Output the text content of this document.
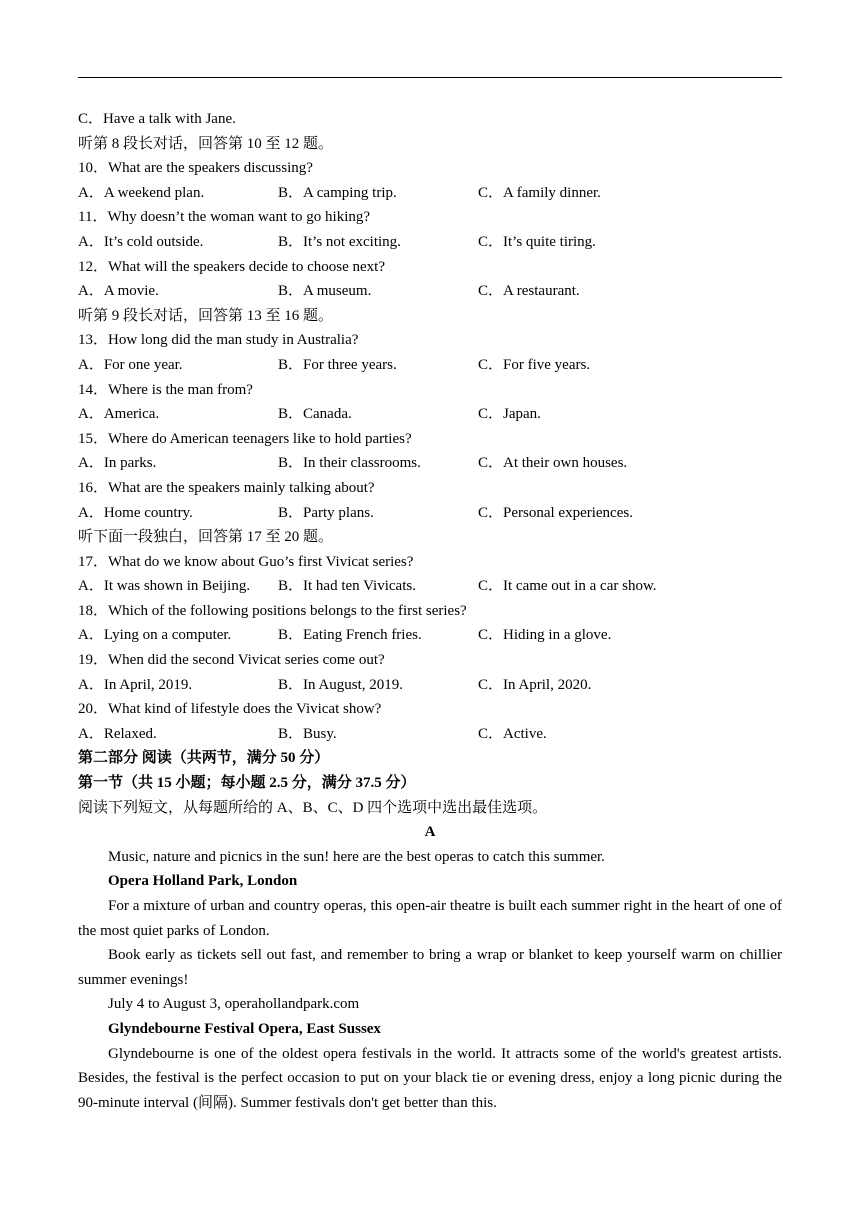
C．Have a talk with Jane.
听第 8 段长对话，回答第 10 至 12 题。
10．What are the speakers discussing?
A．A weekend plan.	B．A camping trip.	C．A family dinner.
11．Why doesn’t the woman want to go hiking?
A．It’s cold outside.	B．It’s not exciting.	C．It’s quite tiring.
12．What will the speakers decide to choose next?
A．A movie.	B．A museum.	C．A restaurant.
听第 9 段长对话，回答第 13 至 16 题。
13．How long did the man study in Australia?
A．For one year.	B．For three years.	C．For five years.
14．Where is the man from?
A．America.	B．Canada.	C．Japan.
15．Where do American teenagers like to hold parties?
A．In parks.	B．In their classrooms.	C．At their own houses.
16．What are the speakers mainly talking about?
A．Home country.	B．Party plans.	C．Personal experiences.
听下面一段独白，回答第 17 至 20 题。
17．What do we know about Guo’s first Vivicat series?
A．It was shown in Beijing. B．It had ten Vivicats.	C．It came out in a car show.
18．Which of the following positions belongs to the first series?
A．Lying on a computer.	B．Eating French fries.	C．Hiding in a glove.
19．When did the second Vivicat series come out?
A．In April, 2019.	B．In August, 2019.	C．In April, 2020.
20．What kind of lifestyle does the Vivicat show?
A．Relaxed.	B．Busy.	C．Active.
第二部分 阅读（共两节，满分 50 分）
第一节（共 15 小题；每小题 2.5 分，满分 37.5 分）
阅读下列短文，从每题所给的 A、B、C、D 四个选项中选出最佳选项。
A
Music, nature and picnics in the sun! here are the best operas to catch this summer.
Opera Holland Park, London
For a mixture of urban and country operas, this open-air theatre is built each summer right in the heart of one of the most quiet parks of London.
Book early as tickets sell out fast, and remember to bring a wrap or blanket to keep yourself warm on chillier summer evenings!
July 4 to August 3, operahollandpark.com
Glyndebourne Festival Opera, East Sussex
Glyndebourne is one of the oldest opera festivals in the world. It attracts some of the world's greatest artists. Besides, the festival is the perfect occasion to put on your black tie or evening dress, enjoy a long picnic during the 90-minute interval (间隔). Summer festivals don't get better than this.
